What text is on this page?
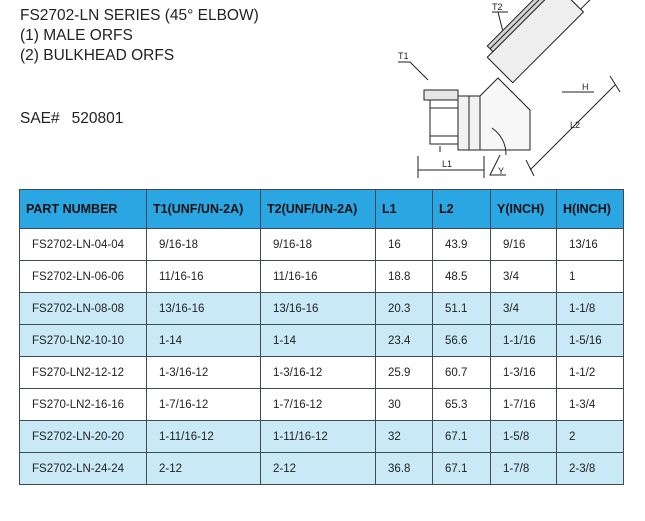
FS2702-LN SERIES (45° ELBOW)
(1) MALE ORFS
(2) BULKHEAD ORFS
SAE# 520801
T2
T1
H
L2
L1
Y
PART NUMBER	T1(UNF/UN-2A)	T2(UNF/UN-2A)	L1	L2	Y(INCH)	H(INCH)
FS2702-LN-04-04	9/16-18	9/16-18	16	43.9	9/16	13/16
FS2702-LN-06-06	11/16-16	11/16-16	18.8	48.5	3/4	1
FS2702-LN-08-08	13/16-16	13/16-16	20.3	51.1	3/4	1-1/8
FS270-LN2-10-10	1-14	1-14	23.4	56.6	1-1/16	1-5/16
FS270-LN2-12-12	1-3/16-12	1-3/16-12	25.9	60.7	1-3/16	1-1/2
FS270-LN2-16-16	1-7/16-12	1-7/16-12	30	65.3	1-7/16	1-3/4
FS2702-LN-20-20	1-11/16-12	1-11/16-12	32	67.1	1-5/8	2
FS2702-LN-24-24	2-12	2-12	36.8	67.1	1-7/8	2-3/8
